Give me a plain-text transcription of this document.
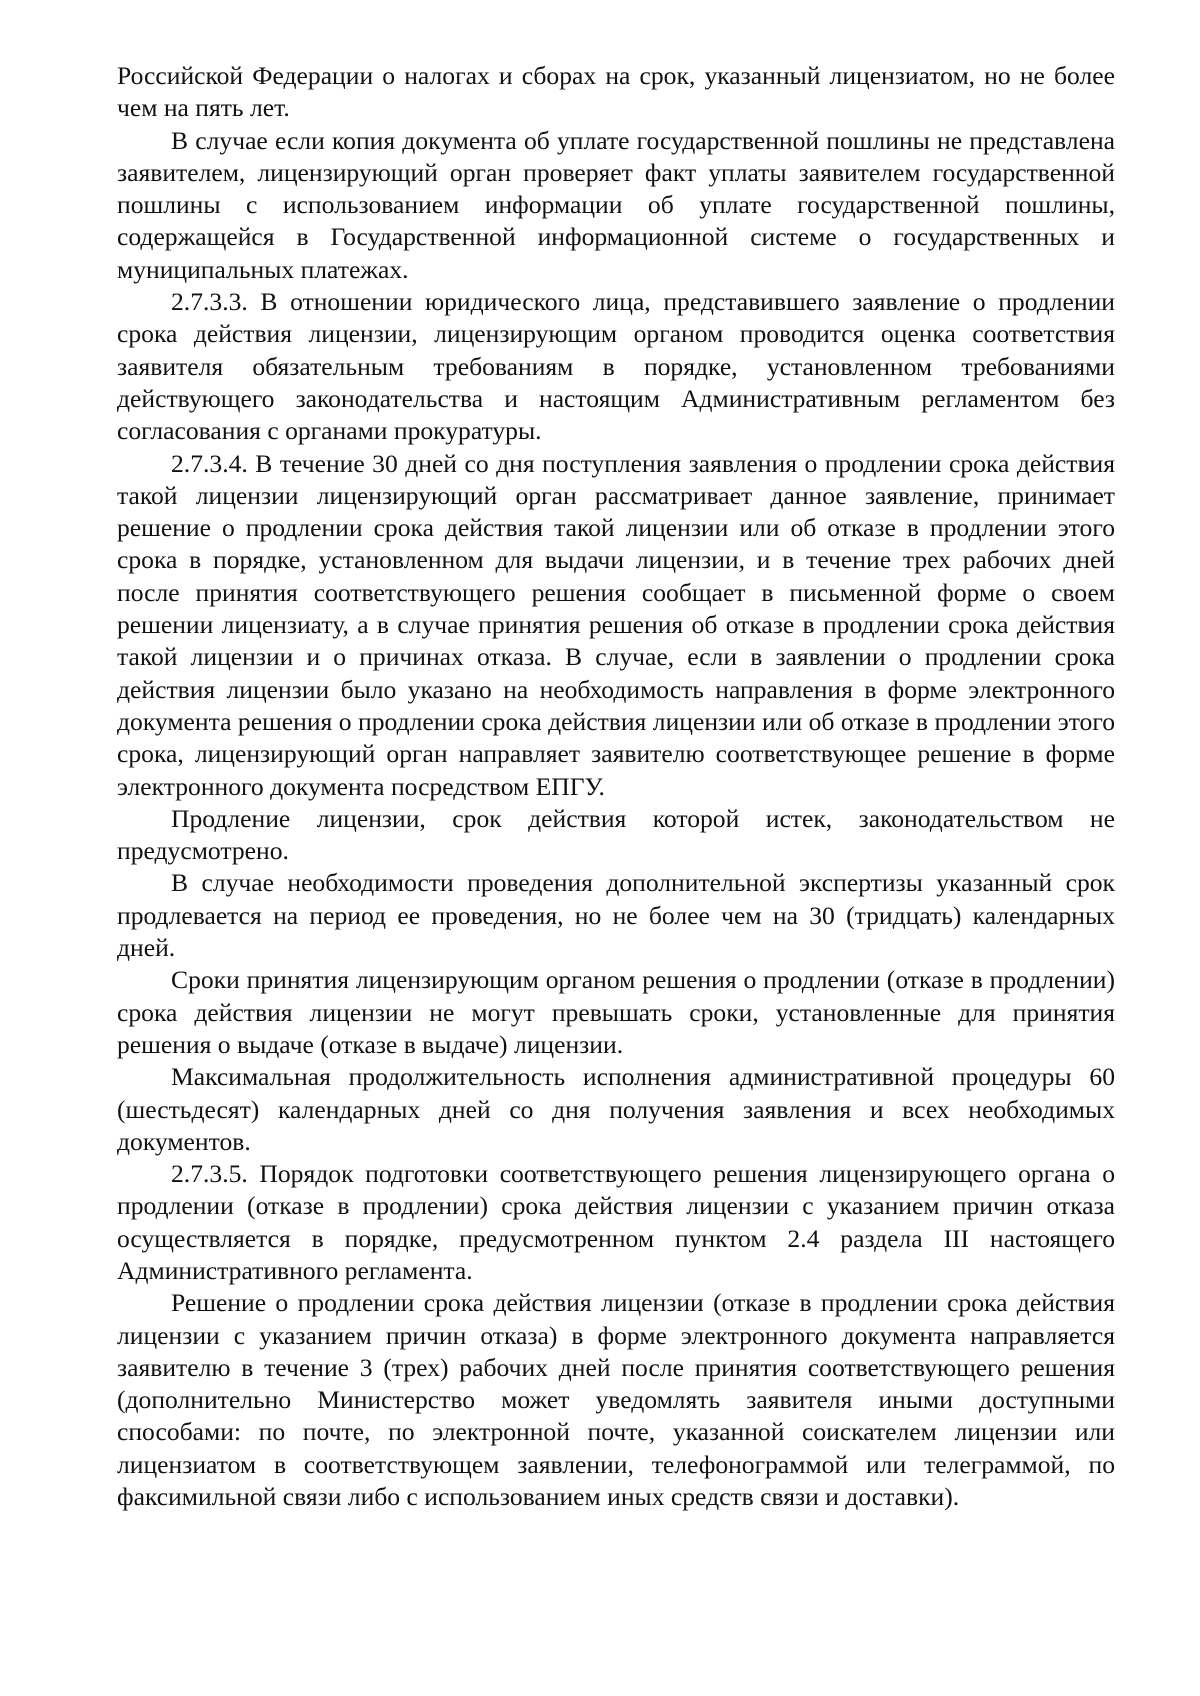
Российской Федерации о налогах и сборах на срок, указанный лицензиатом, но не более чем на пять лет.

В случае если копия документа об уплате государственной пошлины не представлена заявителем, лицензирующий орган проверяет факт уплаты заявителем государственной пошлины с использованием информации об уплате государственной пошлины, содержащейся в Государственной информационной системе о государственных и муниципальных платежах.

2.7.3.3. В отношении юридического лица, представившего заявление о продлении срока действия лицензии, лицензирующим органом проводится оценка соответствия заявителя обязательным требованиям в порядке, установленном требованиями действующего законодательства и настоящим Административным регламентом без согласования с органами прокуратуры.

2.7.3.4. В течение 30 дней со дня поступления заявления о продлении срока действия такой лицензии лицензирующий орган рассматривает данное заявление, принимает решение о продлении срока действия такой лицензии или об отказе в продлении этого срока в порядке, установленном для выдачи лицензии, и в течение трех рабочих дней после принятия соответствующего решения сообщает в письменной форме о своем решении лицензиату, а в случае принятия решения об отказе в продлении срока действия такой лицензии и о причинах отказа. В случае, если в заявлении о продлении срока действия лицензии было указано на необходимость направления в форме электронного документа решения о продлении срока действия лицензии или об отказе в продлении этого срока, лицензирующий орган направляет заявителю соответствующее решение в форме электронного документа посредством ЕПГУ.

Продление лицензии, срок действия которой истек, законодательством не предусмотрено.

В случае необходимости проведения дополнительной экспертизы указанный срок продлевается на период ее проведения, но не более чем на 30 (тридцать) календарных дней.

Сроки принятия лицензирующим органом решения о продлении (отказе в продлении) срока действия лицензии не могут превышать сроки, установленные для принятия решения о выдаче (отказе в выдаче) лицензии.

Максимальная продолжительность исполнения административной процедуры 60 (шестьдесят) календарных дней со дня получения заявления и всех необходимых документов.

2.7.3.5. Порядок подготовки соответствующего решения лицензирующего органа о продлении (отказе в продлении) срока действия лицензии с указанием причин отказа осуществляется в порядке, предусмотренном пунктом 2.4 раздела III настоящего Административного регламента.

Решение о продлении срока действия лицензии (отказе в продлении срока действия лицензии с указанием причин отказа) в форме электронного документа направляется заявителю в течение 3 (трех) рабочих дней после принятия соответствующего решения (дополнительно Министерство может уведомлять заявителя иными доступными способами: по почте, по электронной почте, указанной соискателем лицензии или лицензиатом в соответствующем заявлении, телефонограммой или телеграммой, по факсимильной связи либо с использованием иных средств связи и доставки).
